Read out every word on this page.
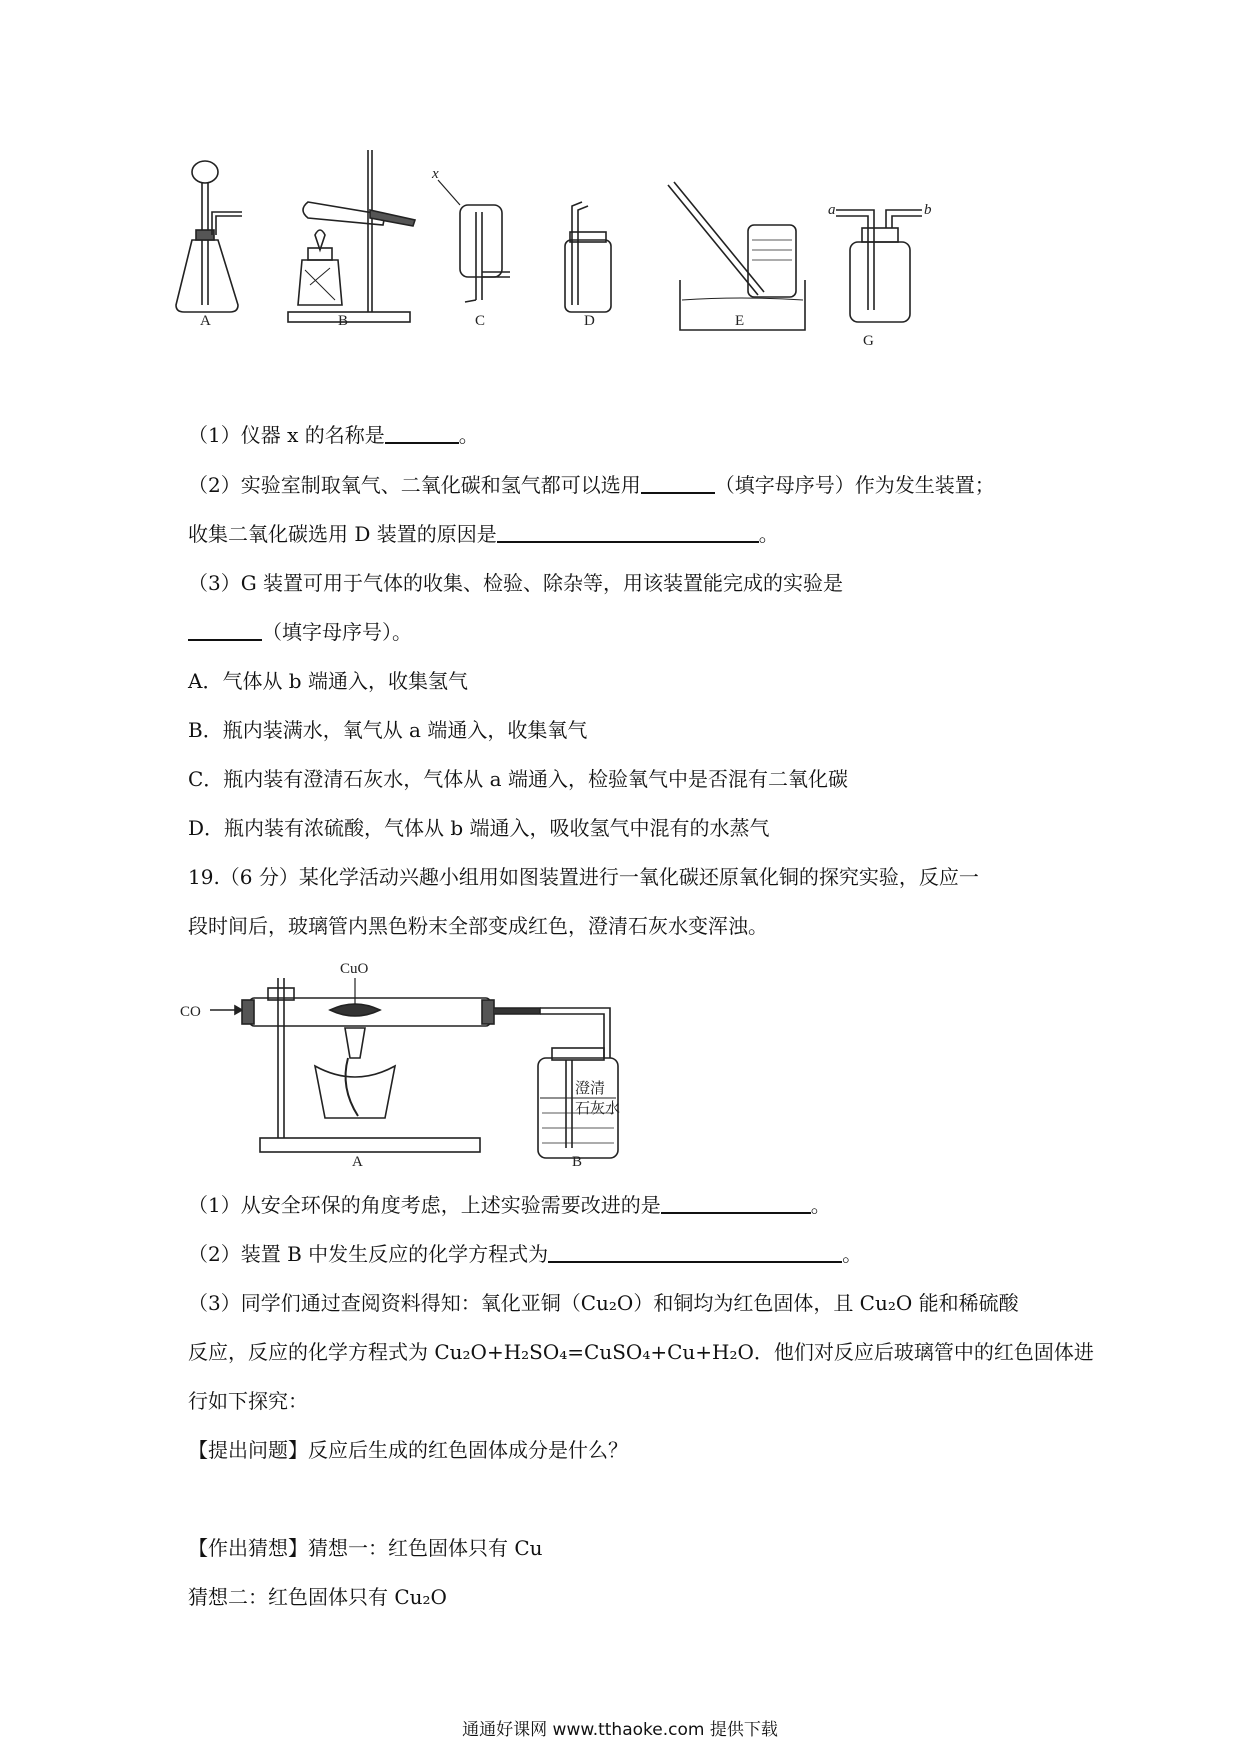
A	B	C	D	E
G
x
a	b
（1）仪器 x 的名称是	。
（2）实验室制取氧气、二氧化碳和氢气都可以选用	（填字母序号）作为发生装置；
收集二氧化碳选用 D 装置的原因是	。
（3）G 装置可用于气体的收集、检验、除杂等，用该装置能完成的实验是
（填字母序号）。
A．气体从 b 端通入，收集氢气
B．瓶内装满水，氧气从 a 端通入，收集氧气
C．瓶内装有澄清石灰水，气体从 a 端通入，检验氧气中是否混有二氧化碳
D．瓶内装有浓硫酸，气体从 b 端通入，吸收氢气中混有的水蒸气
19.（6 分）某化学活动兴趣小组用如图装置进行一氧化碳还原氧化铜的探究实验，反应一
段时间后，玻璃管内黑色粉末全部变成红色，澄清石灰水变浑浊。
CO
CuO
澄清
石灰水
A	B
（1）从安全环保的角度考虑，上述实验需要改进的是	。
（2）装置 B 中发生反应的化学方程式为	。
（3）同学们通过查阅资料得知：氧化亚铜（Cu₂O）和铜均为红色固体，且 Cu₂O 能和稀硫酸
反应，反应的化学方程式为 Cu₂O+H₂SO₄=CuSO₄+Cu+H₂O．他们对反应后玻璃管中的红色固体进
行如下探究：
【提出问题】反应后生成的红色固体成分是什么？
【作出猜想】猜想一：红色固体只有 Cu
猜想二：红色固体只有 Cu₂O
通通好课网 www.tthaoke.com 提供下载
